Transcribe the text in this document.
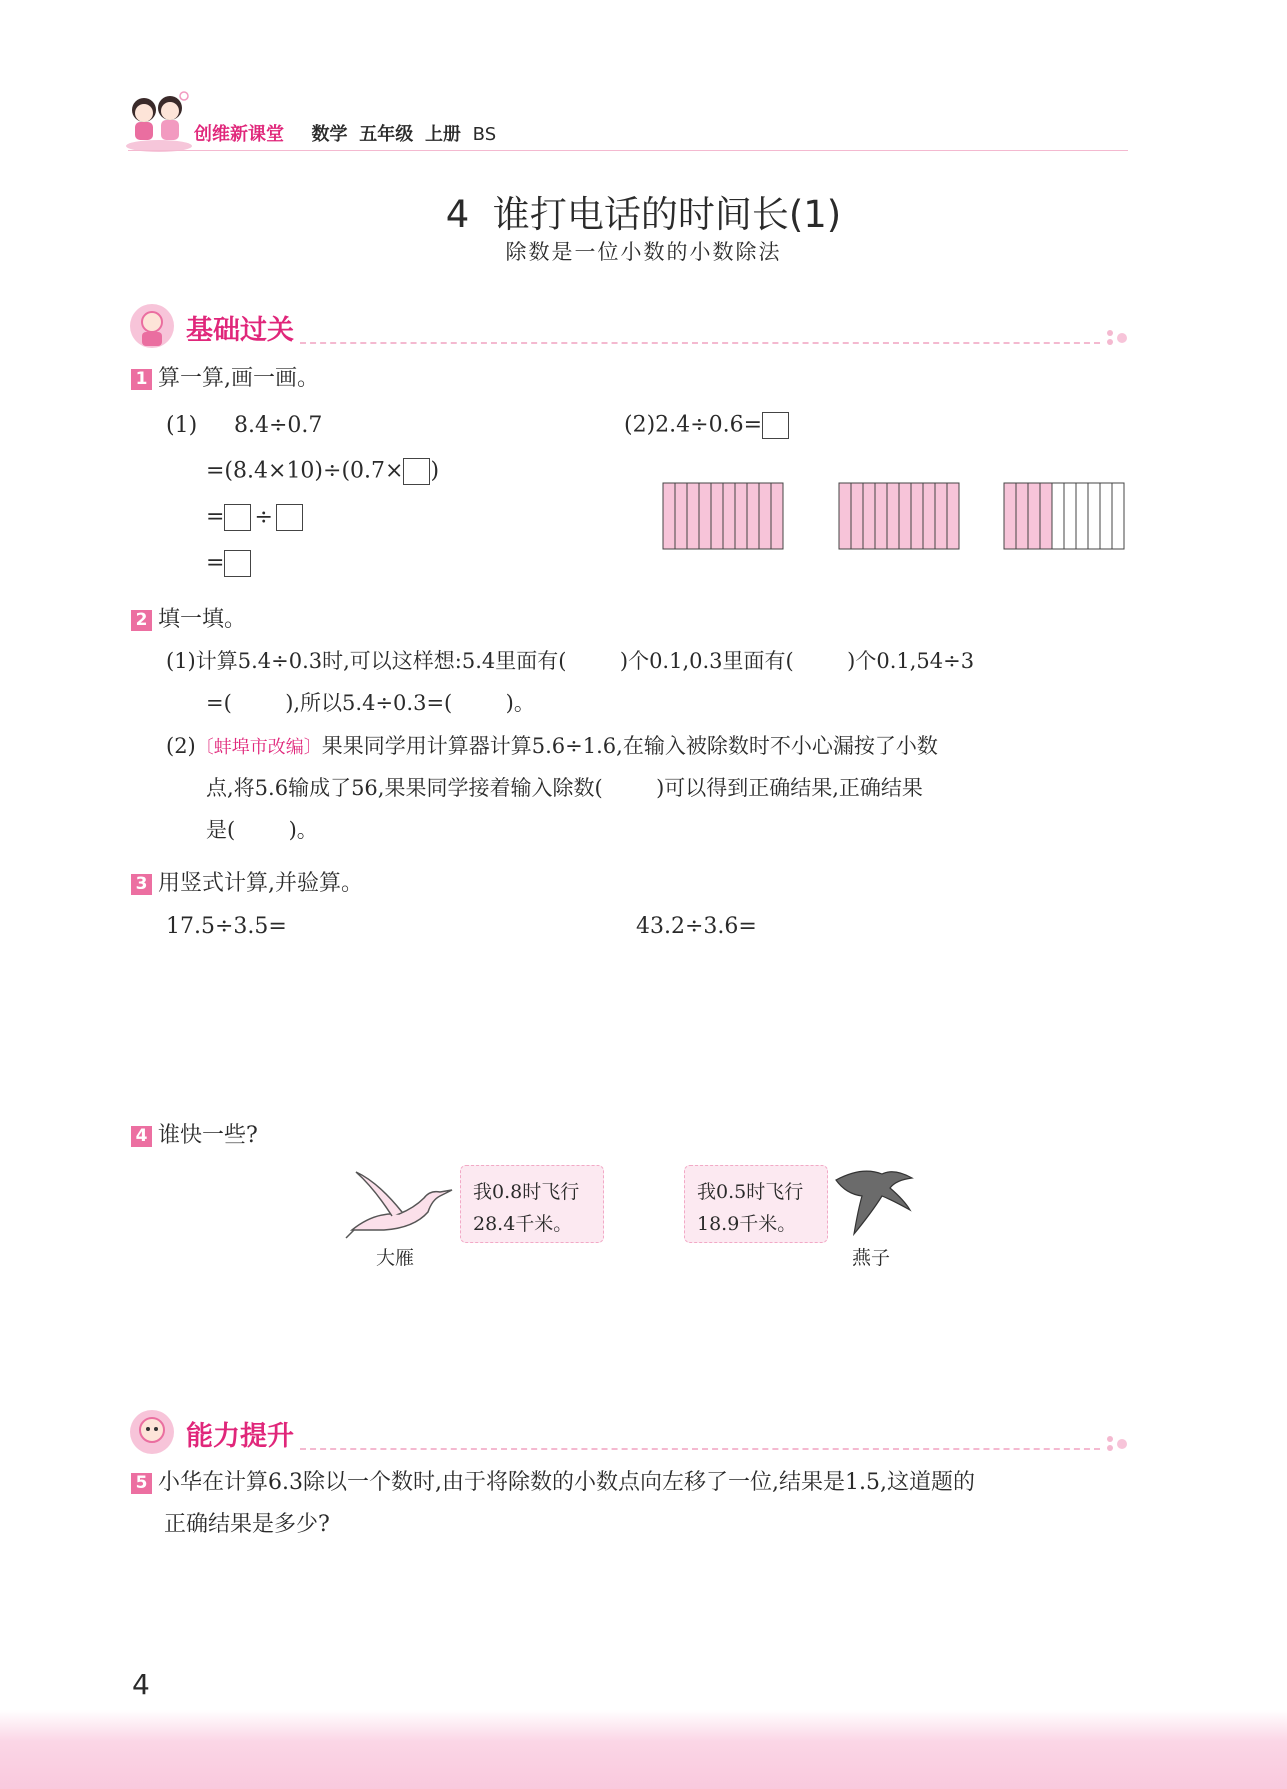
创维新课堂 数学 五年级 上册 BS
4  谁打电话的时间长(1)
除数是一位小数的小数除法
基础过关
1 算一算,画一画。
(1) 8.4÷0.7
=(8.4×10)÷(0.7× )
= ÷
=
(2)2.4÷0.6=
2 填一填。
(1)计算5.4÷0.3时,可以这样想:5.4里面有(        )个0.1,0.3里面有(        )个0.1,54÷3
=(        ),所以5.4÷0.3=(        )。
(2)〔蚌埠市改编〕果果同学用计算器计算5.6÷1.6,在输入被除数时不小心漏按了小数
点,将5.6输成了56,果果同学接着输入除数(        )可以得到正确结果,正确结果
是(        )。
3 用竖式计算,并验算。
17.5÷3.5=	43.2÷3.6=
4 谁快一些?
我0.8时飞行
28.4千米。
大雁
我0.5时飞行
18.9千米。
燕子
能力提升
5 小华在计算6.3除以一个数时,由于将除数的小数点向左移了一位,结果是1.5,这道题的
正确结果是多少?
4
